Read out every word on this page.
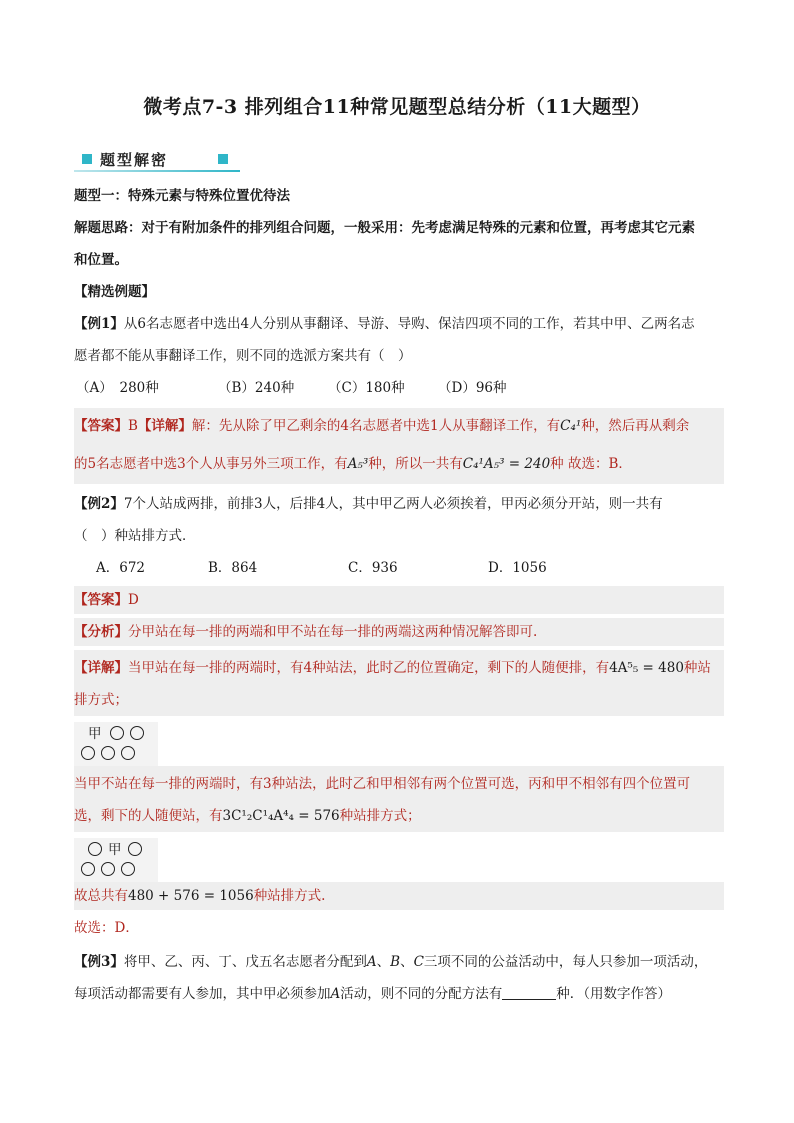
微考点7-3 排列组合11种常见题型总结分析（11大题型）
题型解密
题型一：特殊元素与特殊位置优待法
解题思路：对于有附加条件的排列组合问题，一般采用：先考虑满足特殊的元素和位置，再考虑其它元素
和位置。
【精选例题】
【例1】从6名志愿者中选出4人分别从事翻译、导游、导购、保洁四项不同的工作，若其中甲、乙两名志
愿者都不能从事翻译工作，则不同的选派方案共有（　）
（A）　280种	（B）240种	（C）180种 （D）96种
【答案】B【详解】解：先从除了甲乙剩余的4名志愿者中选1人从事翻译工作，有C₄¹种，然后再从剩余
的5名志愿者中选3个人从事另外三项工作，有A₅³种，所以一共有C₄¹A₅³ = 240种 故选：B．
【例2】7个人站成两排，前排3人，后排4人，其中甲乙两人必须挨着，甲丙必须分开站，则一共有
（　）种站排方式．
A．672	B．864	C．936	D．1056
【答案】D
【分析】分甲站在每一排的两端和甲不站在每一排的两端这两种情况解答即可.
【详解】当甲站在每一排的两端时，有4种站法，此时乙的位置确定，剩下的人随便排，有4A⁵₅ = 480种站
排方式；
甲
当甲不站在每一排的两端时，有3种站法，此时乙和甲相邻有两个位置可选，丙和甲不相邻有四个位置可
选，剩下的人随便站，有3C¹₂C¹₄A⁴₄ = 576种站排方式；
甲
故总共有480 + 576 = 1056种站排方式.
故选：D．
【例3】将甲、乙、丙、丁、戊五名志愿者分配到A、B、C三项不同的公益活动中，每人只参加一项活动，
每项活动都需要有人参加，其中甲必须参加A活动，则不同的分配方法有	种．（用数字作答）
